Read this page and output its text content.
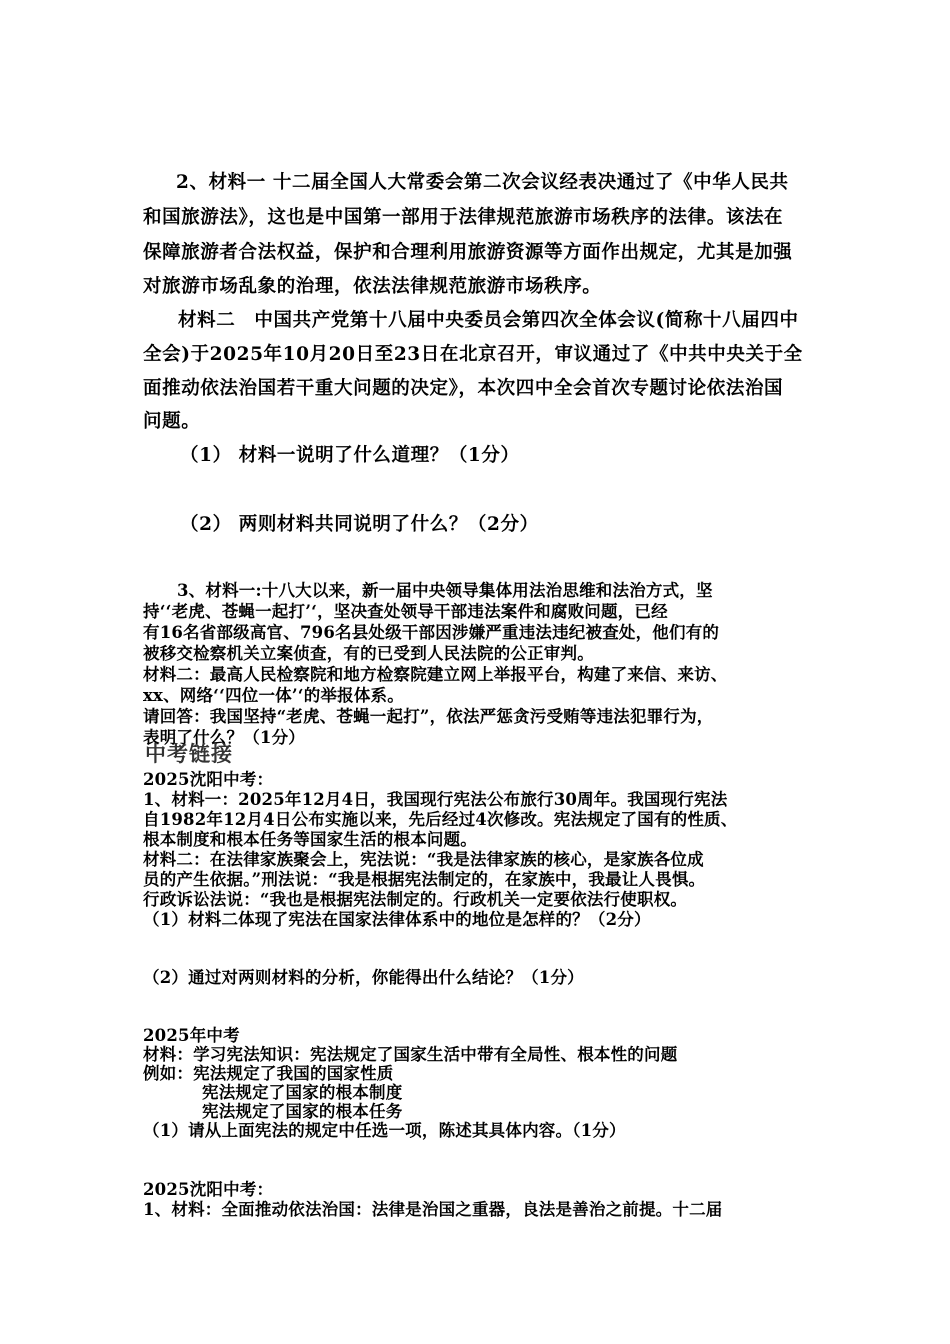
2、材料一 十二届全国人大常委会第二次会议经表决通过了《中华人民共
和国旅游法》，这也是中国第一部用于法律规范旅游市场秩序的法律。该法在
保障旅游者合法权益，保护和合理利用旅游资源等方面作出规定，尤其是加强
对旅游市场乱象的治理，依法法律规范旅游市场秩序。
材料二　中国共产党第十八届中央委员会第四次全体会议(简称十八届四中
全会)于2025年10月20日至23日在北京召开，审议通过了《中共中央关于全
面推动依法治国若干重大问题的决定》，本次四中全会首次专题讨论依法治国
问题。
（1） 材料一说明了什么道理？（1分）
（2） 两则材料共同说明了什么？（2分）
3、材料一:十八大以来，新一届中央领导集体用法治思维和法治方式，坚
持‘‘老虎、苍蝇一起打’‘，坚决查处领导干部违法案件和腐败问题，已经
有16名省部级高官、796名县处级干部因涉嫌严重违法违纪被查处，他们有的
被移交检察机关立案侦查，有的已受到人民法院的公正审判。
材料二：最高人民检察院和地方检察院建立网上举报平台，构建了来信、来访、
xx、网络‘‘四位一体’‘的举报体系。
请回答：我国坚持“老虎、苍蝇一起打”，依法严惩贪污受贿等违法犯罪行为，
表明了什么？（1分）
中考链接
2025沈阳中考：
1、材料一：2025年12月4日，我国现行宪法公布旅行30周年。我国现行宪法
自1982年12月4日公布实施以来，先后经过4次修改。宪法规定了国有的性质、
根本制度和根本任务等国家生活的根本问题。
材料二：在法律家族聚会上，宪法说：“我是法律家族的核心，是家族各位成
员的产生依据。”刑法说：“我是根据宪法制定的，在家族中，我最让人畏惧。
行政诉讼法说：“我也是根据宪法制定的。行政机关一定要依法行使职权。
（1）材料二体现了宪法在国家法律体系中的地位是怎样的？（2分）
（2）通过对两则材料的分析，你能得出什么结论？（1分）
2025年中考
材料：学习宪法知识：宪法规定了国家生活中带有全局性、根本性的问题
例如：宪法规定了我国的国家性质
宪法规定了国家的根本制度
宪法规定了国家的根本任务
（1）请从上面宪法的规定中任选一项，陈述其具体内容。（1分）
2025沈阳中考：
1、材料：全面推动依法治国：法律是治国之重器，良法是善治之前提。十二届
